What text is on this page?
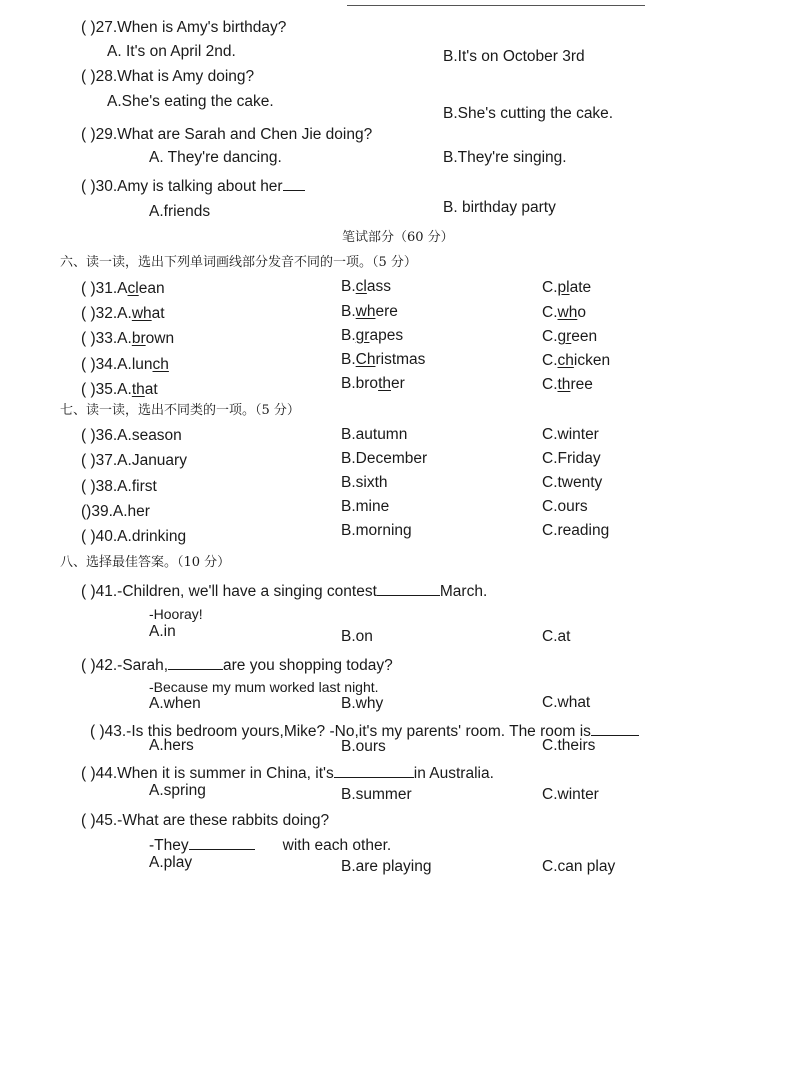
( )27.When is Amy's birthday?
A. It's on April 2nd.	B.It's on October 3rd
( )28.What is Amy doing?
A.She's eating the cake.
B.She's cutting the cake.
( )29.What are Sarah and Chen Jie doing?
A. They're dancing.	B.They're singing.
( )30.Amy is talking about her
A.friends	B. birthday party
笔试部分（60 分）
六、读一读，选出下列单词画线部分发音不同的一项。（5 分）
( )31.Aclean	B.class	C.plate
( )32.A.what	B.where	C.who
( )33.A.brown	B.grapes	C.green
( )34.A.lunch	B.Christmas	C.chicken
( )35.A.that	B.brother	C.three
七、读一读，选出不同类的一项。（5 分）
( )36.A.season	B.autumn	C.winter
( )37.A.January	B.December	C.Friday
( )38.A.first	B.sixth	C.twenty
()39.A.her	B.mine	C.ours
( )40.A.drinking	B.morning	C.reading
八、选择最佳答案。（10 分）
( )41.-Children, we'll have a singing contest	March.
-Hooray!
A.in	B.on	C.at
( )42.-Sarah,	are you shopping today?
-Because my mum worked last night.
A.when	B.why	C.what
( )43.-Is this bedroom yours,Mike? -No,it's my parents' room. The room is
A.hers	B.ours	C.theirs
( )44.When it is summer in China, it's	in Australia.
A.spring	B.summer	C.winter
( )45.-What are these rabbits doing?
-They	with each other.
A.play	B.are playing	C.can play
